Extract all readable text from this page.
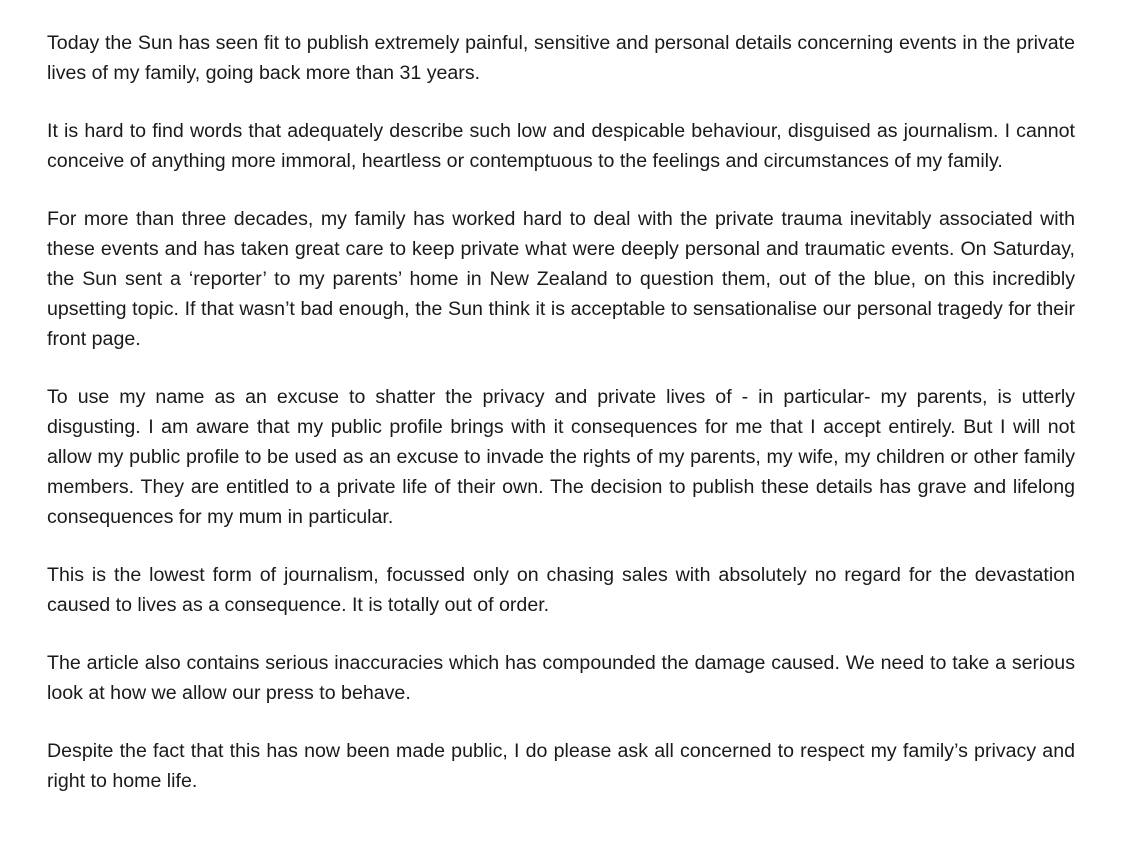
Today the Sun has seen fit to publish extremely painful, sensitive and personal details concerning events in the private lives of my family, going back more than 31 years.

It is hard to find words that adequately describe such low and despicable behaviour, disguised as journalism. I cannot conceive of anything more immoral, heartless or contemptuous to the feelings and circumstances of my family.

For more than three decades, my family has worked hard to deal with the private trauma inevitably associated with these events and has taken great care to keep private what were deeply personal and traumatic events. On Saturday, the Sun sent a ‘reporter’ to my parents’ home in New Zealand to question them, out of the blue, on this incredibly upsetting topic. If that wasn’t bad enough, the Sun think it is acceptable to sensationalise our personal tragedy for their front page.

To use my name as an excuse to shatter the privacy and private lives of - in particular- my parents, is utterly disgusting. I am aware that my public profile brings with it consequences for me that I accept entirely. But I will not allow my public profile to be used as an excuse to invade the rights of my parents, my wife, my children or other family members. They are entitled to a private life of their own. The decision to publish these details has grave and lifelong consequences for my mum in particular.

This is the lowest form of journalism, focussed only on chasing sales with absolutely no regard for the devastation caused to lives as a consequence. It is totally out of order.

The article also contains serious inaccuracies which has compounded the damage caused. We need to take a serious look at how we allow our press to behave.

Despite the fact that this has now been made public, I do please ask all concerned to respect my family’s privacy and right to home life.
